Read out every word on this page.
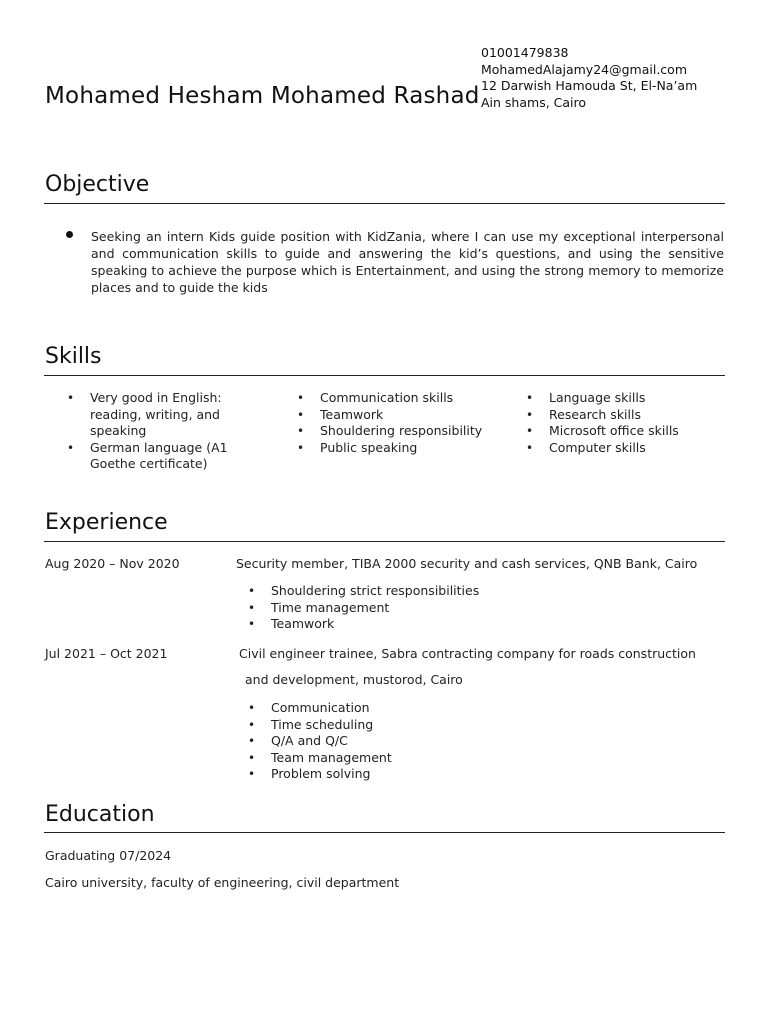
Mohamed Hesham Mohamed Rashad
01001479838
MohamedAlajamy24@gmail.com
12 Darwish Hamouda St, El-Na’am
Ain shams, Cairo
Objective
Seeking an intern Kids guide position with KidZania, where I can use my exceptional interpersonal and communication skills to guide and answering the kid’s questions, and using the sensitive speaking to achieve the purpose which is Entertainment, and using the strong memory to memorize places and to guide the kids
Skills
• Very good in English: reading, writing, and speaking
• German language (A1 Goethe certificate)
• Communication skills
• Teamwork
• Shouldering responsibility
• Public speaking
• Language skills
• Research skills
• Microsoft office skills
• Computer skills
Experience
Aug 2020 – Nov 2020	Security member, TIBA 2000 security and cash services, QNB Bank, Cairo
• Shouldering strict responsibilities
• Time management
• Teamwork
Jul 2021 – Oct 2021	Civil engineer trainee, Sabra contracting company for roads construction
and development, mustorod, Cairo
• Communication
• Time scheduling
• Q/A and Q/C
• Team management
• Problem solving
Education
Graduating 07/2024
Cairo university, faculty of engineering, civil department
